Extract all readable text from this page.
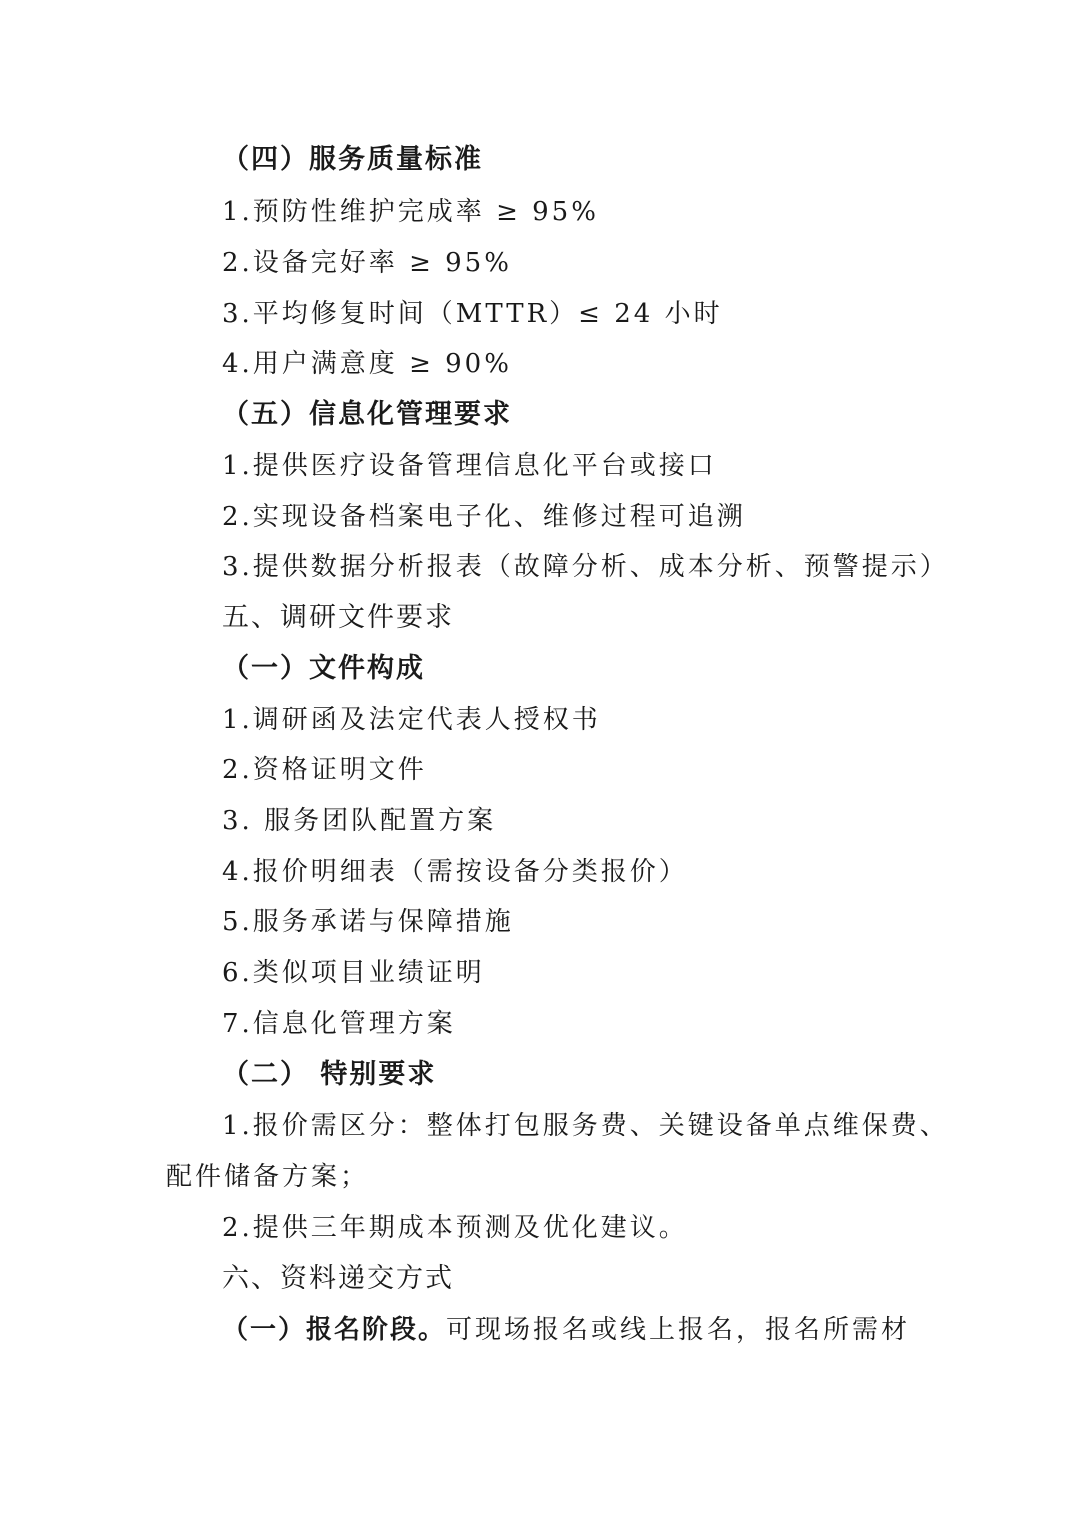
（四）服务质量标准
1.预防性维护完成率 ≥ 95%
2.设备完好率 ≥ 95%
3.平均修复时间（MTTR）≤ 24 小时
4.用户满意度 ≥ 90%
（五）信息化管理要求
1.提供医疗设备管理信息化平台或接口
2.实现设备档案电子化、维修过程可追溯
3.提供数据分析报表（故障分析、成本分析、预警提示）
五、调研文件要求
（一）文件构成
1.调研函及法定代表人授权书
2.资格证明文件
3. 服务团队配置方案
4.报价明细表（需按设备分类报价）
5.服务承诺与保障措施
6.类似项目业绩证明
7.信息化管理方案
（二） 特别要求
1.报价需区分：整体打包服务费、关键设备单点维保费、
配件储备方案；
2.提供三年期成本预测及优化建议。
六、资料递交方式
（一）报名阶段。可现场报名或线上报名，报名所需材
